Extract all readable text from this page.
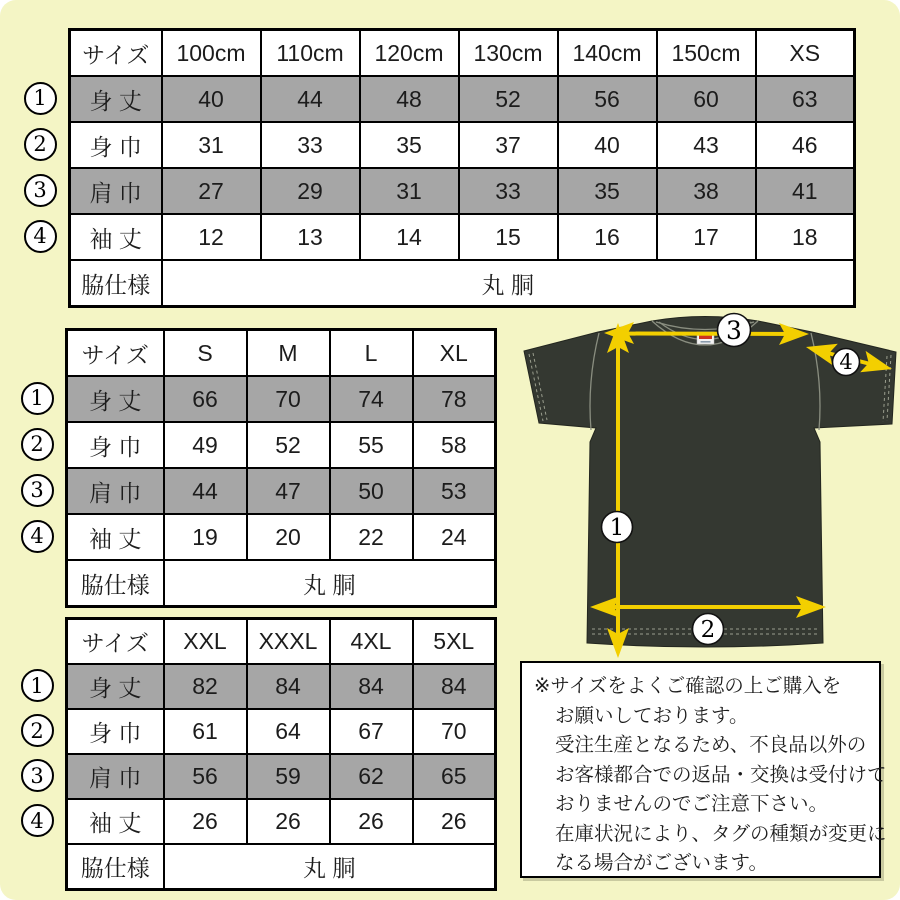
1
2
3
4
サイズ	100cm	110cm	120cm	130cm	140cm	150cm	XS
身 丈	40	44	48	52	56	60	63
身 巾	31	33	35	37	40	43	46
肩 巾	27	29	31	33	35	38	41
袖 丈	12	13	14	15	16	17	18
脇仕様	丸 胴						
1
2
3
4
サイズ	S	M	L	XL
身 丈	66	70	74	78
身 巾	49	52	55	58
肩 巾	44	47	50	53
袖 丈	19	20	22	24
脇仕様	丸 胴			
1
2
3
4
サイズ	XXL	XXXL	4XL	5XL
身 丈	82	84	84	84
身 巾	61	64	67	70
肩 巾	56	59	62	65
袖 丈	26	26	26	26
脇仕様	丸 胴			
1
2
3
4
※サイズをよくご確認の上ご購入を
お願いしております。
受注生産となるため、不良品以外の
お客様都合での返品・交換は受付けて
おりませんのでご注意下さい。
在庫状況により、タグの種類が変更に
なる場合がございます。
